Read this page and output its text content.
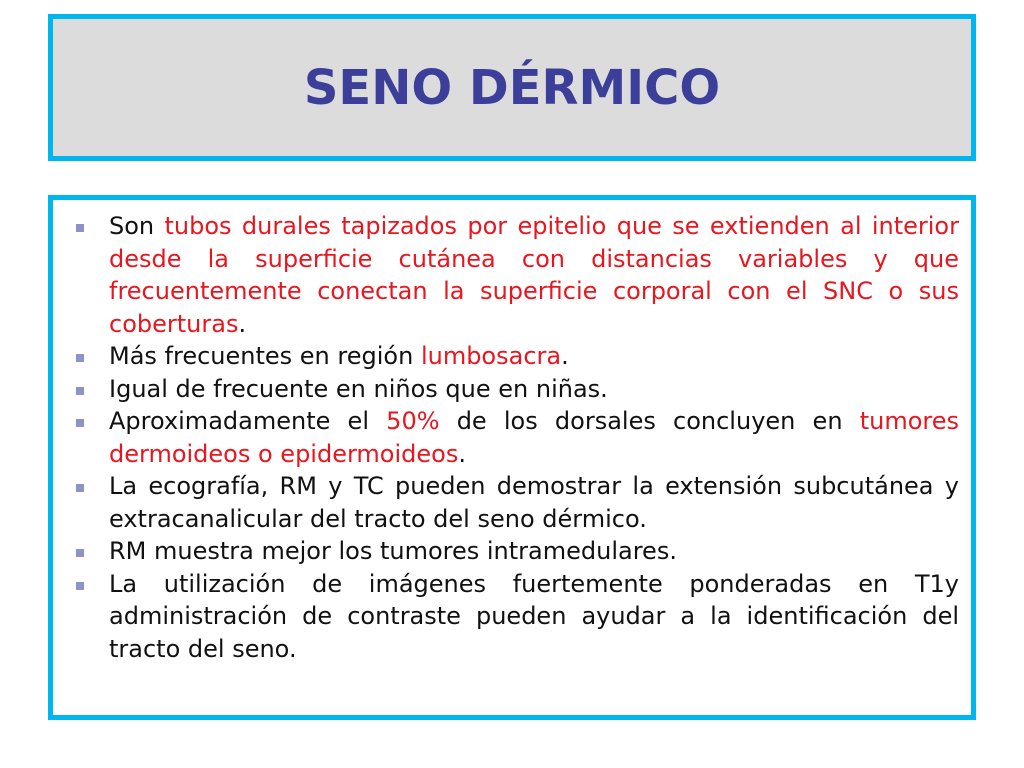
SENO DÉRMICO
Son tubos durales tapizados por epitelio que se extienden al interior desde la superficie cutánea con distancias variables y que frecuentemente conectan la superficie corporal con el SNC o sus coberturas.
Más frecuentes en región lumbosacra.
Igual de frecuente en niños que en niñas.
Aproximadamente el 50% de los dorsales concluyen en tumores dermoideos o epidermoideos.
La ecografía, RM y TC pueden demostrar la extensión subcutánea y extracanalicular del tracto del seno dérmico.
RM muestra mejor los tumores intramedulares.
La utilización de imágenes fuertemente ponderadas en T1y administración de contraste pueden ayudar a la identificación del tracto del seno.
